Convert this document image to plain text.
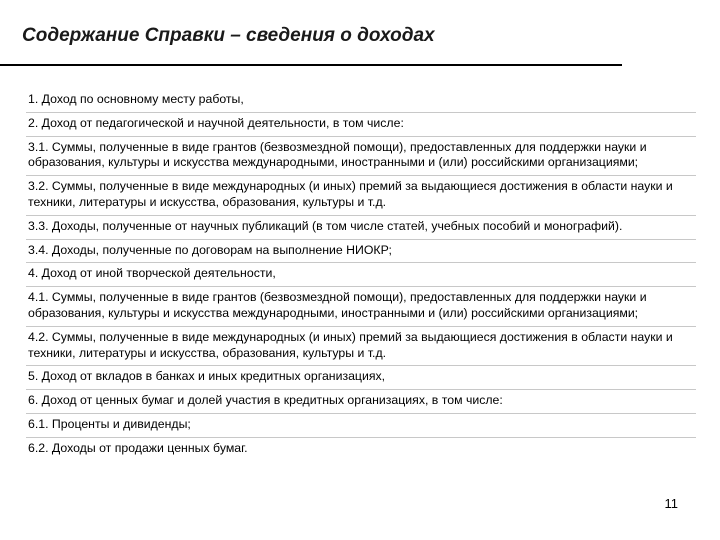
Содержание Справки – сведения о доходах
1. Доход по основному месту работы,
2. Доход от педагогической и научной деятельности, в том числе:
3.1. Суммы, полученные в виде грантов (безвозмездной помощи), предоставленных для поддержки науки и образования, культуры и искусства международными, иностранными и (или) российскими организациями;
3.2. Суммы, полученные в виде международных (и иных) премий за выдающиеся достижения в области науки и техники, литературы и искусства, образования, культуры и т.д.
3.3. Доходы, полученные от научных публикаций (в том числе статей, учебных пособий и монографий).
3.4. Доходы, полученные по договорам на выполнение НИОКР;
4. Доход от иной творческой деятельности,
4.1. Суммы, полученные в виде грантов (безвозмездной помощи), предоставленных для поддержки науки и образования, культуры и искусства международными, иностранными и (или) российскими организациями;
4.2. Суммы, полученные в виде международных (и иных) премий за выдающиеся достижения в области науки и техники, литературы и искусства, образования, культуры и т.д.
5. Доход от вкладов в банках и иных кредитных организациях,
6. Доход от ценных бумаг и долей участия в кредитных организациях, в том числе:
6.1. Проценты и дивиденды;
6.2. Доходы от продажи ценных бумаг.
11
